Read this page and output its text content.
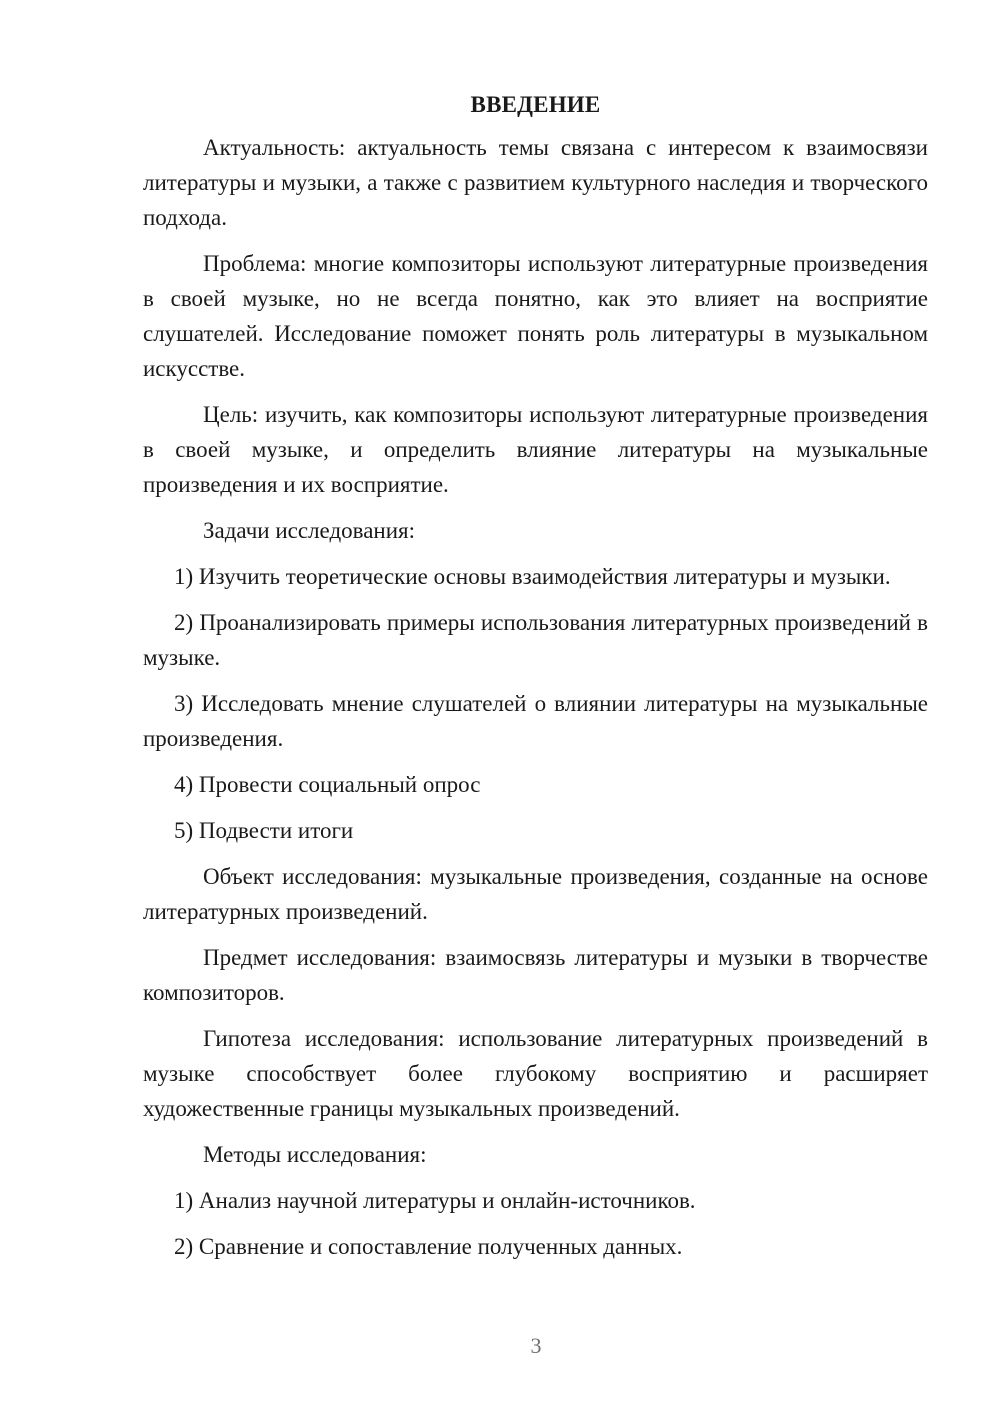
ВВЕДЕНИЕ

Актуальность: актуальность темы связана с интересом к взаимосвязи литературы и музыки, а также с развитием культурного наследия и творческого подхода.

Проблема: многие композиторы используют литературные произведения в своей музыке, но не всегда понятно, как это влияет на восприятие слушателей. Исследование поможет понять роль литературы в музыкальном искусстве.

Цель: изучить, как композиторы используют литературные произведения в своей музыке, и определить влияние литературы на музыкальные произведения и их восприятие.

Задачи исследования:

1) Изучить теоретические основы взаимодействия литературы и музыки.

2) Проанализировать примеры использования литературных произведений в музыке.

3) Исследовать мнение слушателей о влиянии литературы на музыкальные произведения.

4) Провести социальный опрос

5) Подвести итоги

Объект исследования: музыкальные произведения, созданные на основе литературных произведений.

Предмет исследования: взаимосвязь литературы и музыки в творчестве композиторов.

Гипотеза исследования: использование литературных произведений в музыке способствует более глубокому восприятию и расширяет художественные границы музыкальных произведений.

Методы исследования:

1) Анализ научной литературы и онлайн-источников.

2) Сравнение и сопоставление полученных данных.

3
